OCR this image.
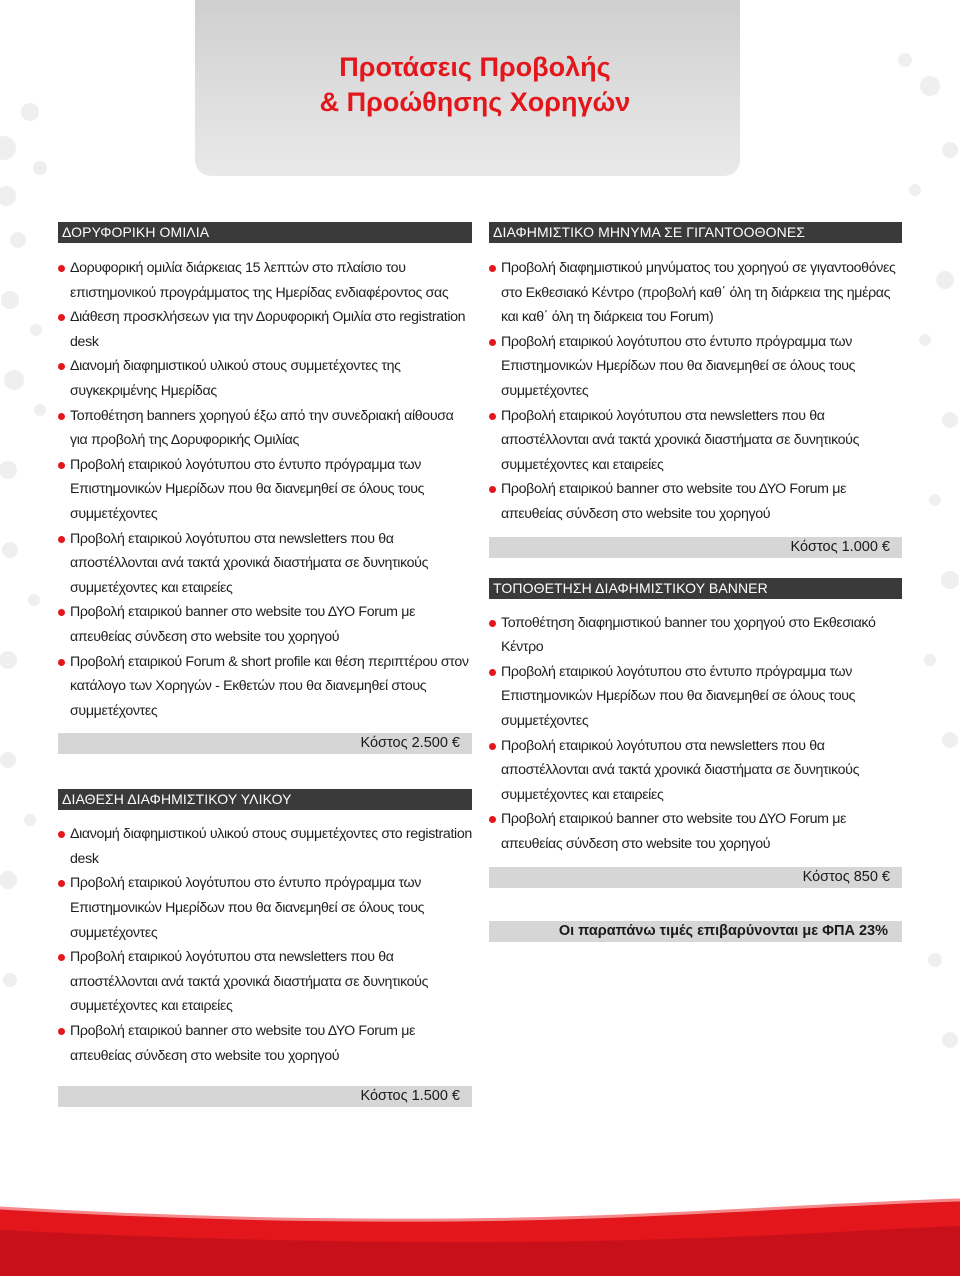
Προτάσεις Προβολής
& Προώθησης Χορηγών
ΔΟΡΥΦΟΡΙΚΗ ΟΜΙΛΙΑ
Δορυφορική ομιλία διάρκειας 15 λεπτών στο πλαίσιο του επιστημονικού προγράμματος της Ημερίδας ενδιαφέροντος σας
Διάθεση προσκλήσεων για την Δορυφορική Ομιλία στο registration desk
Διανομή διαφημιστικού υλικού στους συμμετέχοντες της συγκεκριμένης Ημερίδας
Τοποθέτηση banners χορηγού έξω από την συνεδριακή αίθουσα για προβολή της Δορυφορικής Ομιλίας
Προβολή εταιρικού λογότυπου στο έντυπο πρόγραμμα των Επιστημονικών Ημερίδων που θα διανεμηθεί σε όλους τους συμμετέχοντες
Προβολή εταιρικού λογότυπου στα newsletters που θα αποστέλλονται ανά τακτά χρονικά διαστήματα σε δυνητικούς συμμετέχοντες και εταιρείες
Προβολή εταιρικού banner στο website του ΔΥΟ Forum με απευθείας σύνδεση στο website του χορηγού
Προβολή εταιρικού Forum & short profile και θέση περιπτέρου στον κατάλογο των Χορηγών - Εκθετών που θα διανεμηθεί στους συμμετέχοντες
Κόστος 2.500 €
ΔΙΑΘΕΣΗ ΔΙΑΦΗΜΙΣΤΙΚΟΥ ΥΛΙΚΟΥ
Διανομή διαφημιστικού υλικού στους συμμετέχοντες στο registration desk
Προβολή εταιρικού λογότυπου στο έντυπο πρόγραμμα των Επιστημονικών Ημερίδων που θα διανεμηθεί σε όλους τους συμμετέχοντες
Προβολή εταιρικού λογότυπου στα newsletters που θα αποστέλλονται ανά τακτά χρονικά διαστήματα σε δυνητικούς συμμετέχοντες και εταιρείες
Προβολή εταιρικού banner στο website του ΔΥΟ Forum με απευθείας σύνδεση στο website του χορηγού
Κόστος 1.500 €
ΔΙΑΦΗΜΙΣΤΙΚΟ ΜΗΝΥΜΑ ΣΕ ΓΙΓΑΝΤΟΟΘΟΝΕΣ
Προβολή διαφημιστικού μηνύματος του χορηγού σε γιγαντοοθόνες στο Εκθεσιακό Κέντρο (προβολή καθ΄ όλη τη διάρκεια της ημέρας και καθ΄ όλη τη διάρκεια του Forum)
Προβολή εταιρικού λογότυπου στο έντυπο πρόγραμμα των Επιστημονικών Ημερίδων που θα διανεμηθεί σε όλους τους συμμετέχοντες
Προβολή εταιρικού λογότυπου στα newsletters που θα αποστέλλονται ανά τακτά χρονικά διαστήματα σε δυνητικούς συμμετέχοντες και εταιρείες
Προβολή εταιρικού banner στο website του ΔΥΟ Forum με απευθείας σύνδεση στο website του χορηγού
Κόστος 1.000 €
ΤΟΠΟΘΕΤΗΣΗ ΔΙΑΦΗΜΙΣΤΙΚΟΥ BANNER
Τοποθέτηση διαφημιστικού banner του χορηγού στο Εκθεσιακό Κέντρο
Προβολή εταιρικού λογότυπου στο έντυπο πρόγραμμα των Επιστημονικών Ημερίδων που θα διανεμηθεί σε όλους τους συμμετέχοντες
Προβολή εταιρικού λογότυπου στα newsletters που θα αποστέλλονται ανά τακτά χρονικά διαστήματα σε δυνητικούς συμμετέχοντες και εταιρείες
Προβολή εταιρικού banner στο website του ΔΥΟ Forum με απευθείας σύνδεση στο website του χορηγού
Κόστος 850 €
Οι παραπάνω τιμές επιβαρύνονται με ΦΠΑ 23%
